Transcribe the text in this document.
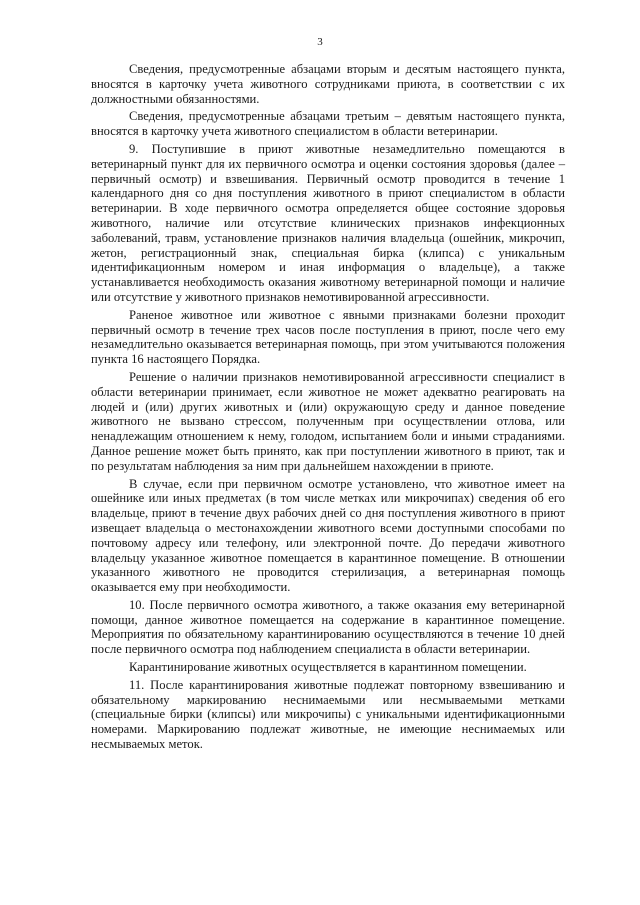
3

Сведения, предусмотренные абзацами вторым и десятым настоящего пункта, вносятся в карточку учета животного сотрудниками приюта, в соответствии с их должностными обязанностями.

Сведения, предусмотренные абзацами третьим – девятым настоящего пункта, вносятся в карточку учета животного специалистом в области ветеринарии.

9. Поступившие в приют животные незамедлительно помещаются в ветеринарный пункт для их первичного осмотра и оценки состояния здоровья (далее – первичный осмотр) и взвешивания. Первичный осмотр проводится в течение 1 календарного дня со дня поступления животного в приют специалистом в области ветеринарии. В ходе первичного осмотра определяется общее состояние здоровья животного, наличие или отсутствие клинических признаков инфекционных заболеваний, травм, установление признаков наличия владельца (ошейник, микрочип, жетон, регистрационный знак, специальная бирка (клипса) с уникальным идентификационным номером и иная информация о владельце), а также устанавливается необходимость оказания животному ветеринарной помощи и наличие или отсутствие у животного признаков немотивированной агрессивности.

Раненое животное или животное с явными признаками болезни проходит первичный осмотр в течение трех часов после поступления в приют, после чего ему незамедлительно оказывается ветеринарная помощь, при этом учитываются положения пункта 16 настоящего Порядка.

Решение о наличии признаков немотивированной агрессивности специалист в области ветеринарии принимает, если животное не может адекватно реагировать на людей и (или) других животных и (или) окружающую среду и данное поведение животного не вызвано стрессом, полученным при осуществлении отлова, или ненадлежащим отношением к нему, голодом, испытанием боли и иными страданиями. Данное решение может быть принято, как при поступлении животного в приют, так и по результатам наблюдения за ним при дальнейшем нахождении в приюте.

В случае, если при первичном осмотре установлено, что животное имеет на ошейнике или иных предметах (в том числе метках или микрочипах) сведения об его владельце, приют в течение двух рабочих дней со дня поступления животного в приют извещает владельца о местонахождении животного всеми доступными способами по почтовому адресу или телефону, или электронной почте. До передачи животного владельцу указанное животное помещается в карантинное помещение. В отношении указанного животного не проводится стерилизация, а ветеринарная помощь оказывается ему при необходимости.

10. После первичного осмотра животного, а также оказания ему ветеринарной помощи, данное животное помещается на содержание в карантинное помещение. Мероприятия по обязательному карантинированию осуществляются в течение 10 дней после первичного осмотра под наблюдением специалиста в области ветеринарии.

Карантинирование животных осуществляется в карантинном помещении.

11. После карантинирования животные подлежат повторному взвешиванию и обязательному маркированию неснимаемыми или несмываемыми метками (специальные бирки (клипсы) или микрочипы) с уникальными идентификационными номерами. Маркированию подлежат животные, не имеющие неснимаемых или несмываемых меток.
